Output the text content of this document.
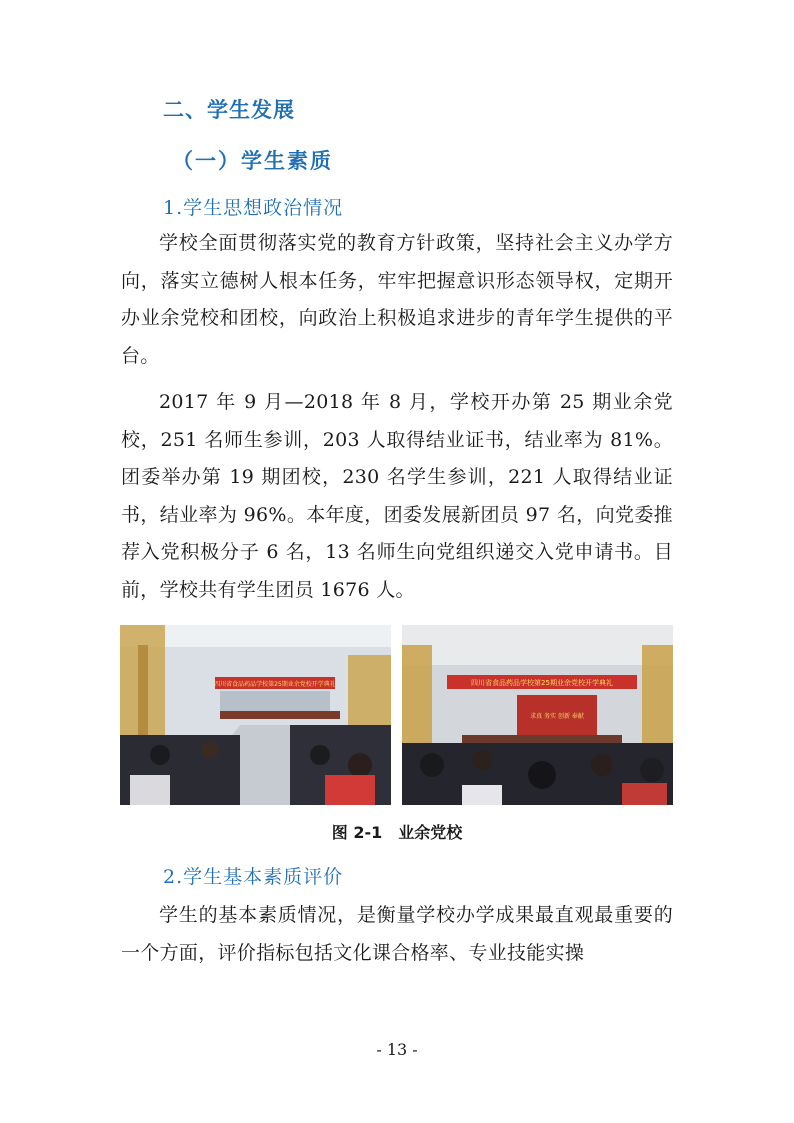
二、学生发展
（一）学生素质
1.学生思想政治情况

学校全面贯彻落实党的教育方针政策，坚持社会主义办学方向，落实立德树人根本任务，牢牢把握意识形态领导权，定期开办业余党校和团校，向政治上积极追求进步的青年学生提供的平台。

2017 年 9 月—2018 年 8 月，学校开办第 25 期业余党校，251 名师生参训，203 人取得结业证书，结业率为 81%。团委举办第 19 期团校，230 名学生参训，221 人取得结业证书，结业率为 96%。本年度，团委发展新团员 97 名，向党委推荐入党积极分子 6 名，13 名师生向党组织递交入党申请书。目前，学校共有学生团员 1676 人。

四川省食品药品学校第25期业余党校开学典礼	四川省食品药品学校第25期业余党校开学典礼
求真 务实 创新 奉献
图 2-1　业余党校
2.学生基本素质评价

学生的基本素质情况，是衡量学校办学成果最直观最重要的一个方面，评价指标包括文化课合格率、专业技能实操

- 13 -
